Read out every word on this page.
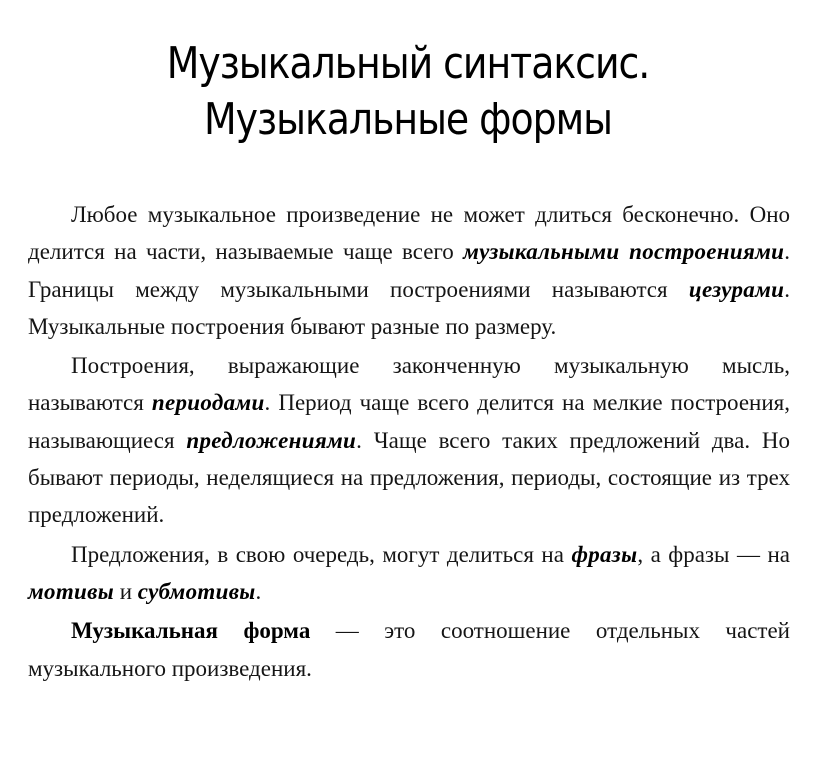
Музыкальный синтаксис.
Музыкальные формы

Любое музыкальное произведение не может длиться бесконечно. Оно делится на части, называемые чаще всего музыкальными построениями. Границы между музыкальными построениями называются цезурами. Музыкальные построения бывают разные по размеру.

Построения, выражающие законченную музыкальную мысль, называются периодами. Период чаще всего делится на мелкие построения, называющиеся предложениями. Чаще всего таких предложений два. Но бывают периоды, неделящиеся на предложения, периоды, состоящие из трех предложений.

Предложения, в свою очередь, могут делиться на фразы, а фразы — на мотивы и субмотивы.

Музыкальная форма — это соотношение отдельных частей музыкального произведения.
